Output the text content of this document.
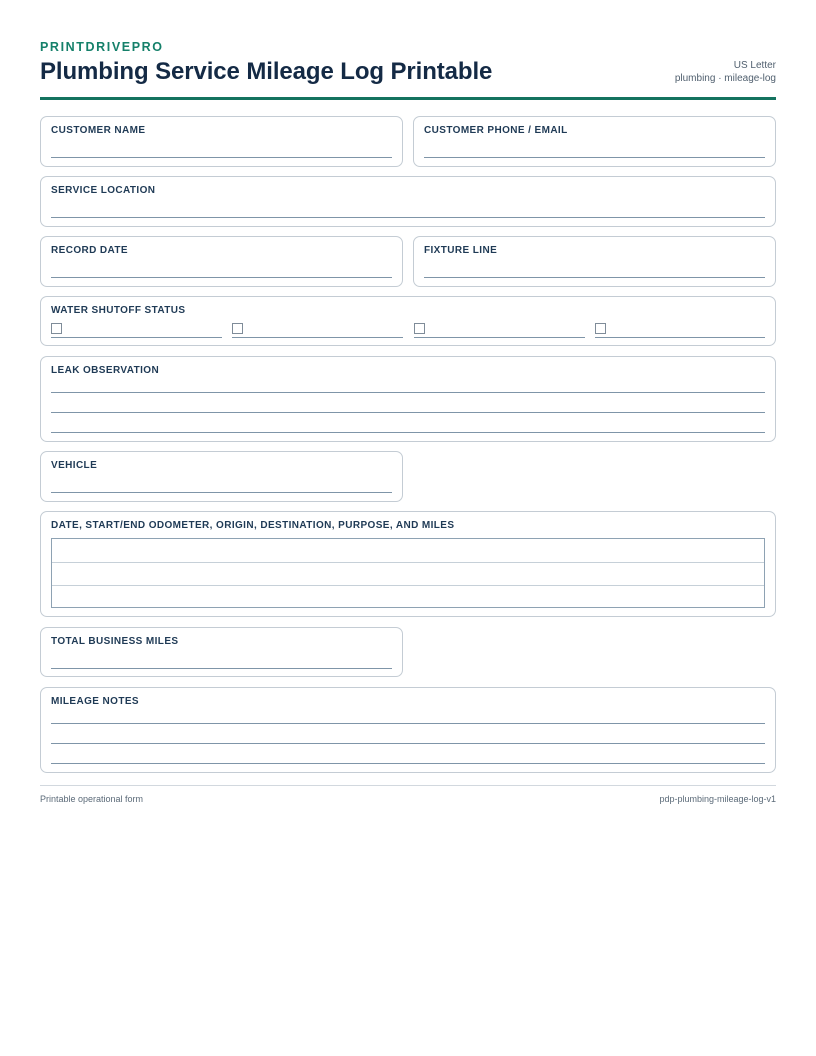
PRINTDRIVEPRO
Plumbing Service Mileage Log Printable	US Letter
plumbing · mileage-log
CUSTOMER NAME	CUSTOMER PHONE / EMAIL
SERVICE LOCATION
RECORD DATE	FIXTURE LINE
WATER SHUTOFF STATUS
LEAK OBSERVATION
VEHICLE
DATE, START/END ODOMETER, ORIGIN, DESTINATION, PURPOSE, AND MILES
TOTAL BUSINESS MILES
MILEAGE NOTES
Printable operational form	pdp-plumbing-mileage-log-v1
